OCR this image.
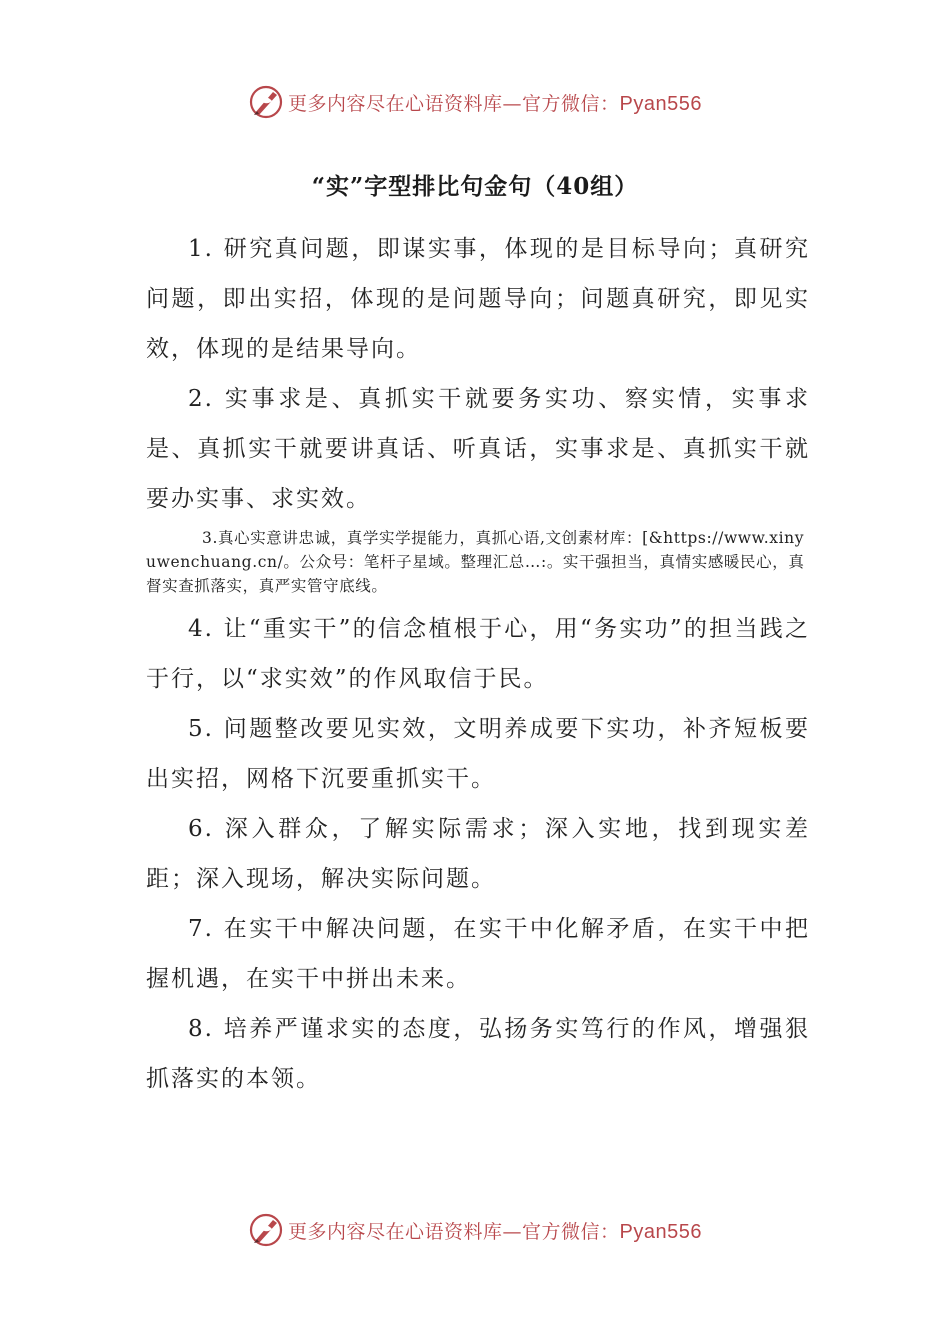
更多内容尽在心语资料库—官方微信：Pyan556
“实”字型排比句金句（40组）

1. 研究真问题，即谋实事，体现的是目标导向；真研究问题，即出实招，体现的是问题导向；问题真研究，即见实效，体现的是结果导向。

2. 实事求是、真抓实干就要务实功、察实情，实事求是、真抓实干就要讲真话、听真话，实事求是、真抓实干就要办实事、求实效。

3.真心实意讲忠诚，真学实学提能力，真抓心语,文创素材库：[&https://www.xinyuwenchuang.cn/。公众号：笔杆子星域。整理汇总…:。实干强担当，真情实感暖民心，真督实查抓落实，真严实管守底线。

4. 让“重实干”的信念植根于心，用“务实功”的担当践之于行，以“求实效”的作风取信于民。

5. 问题整改要见实效，文明养成要下实功，补齐短板要出实招，网格下沉要重抓实干。

6. 深入群众，了解实际需求；深入实地，找到现实差距；深入现场，解决实际问题。

7. 在实干中解决问题，在实干中化解矛盾，在实干中把握机遇，在实干中拼出未来。

8. 培养严谨求实的态度，弘扬务实笃行的作风，增强狠抓落实的本领。

更多内容尽在心语资料库—官方微信：Pyan556
